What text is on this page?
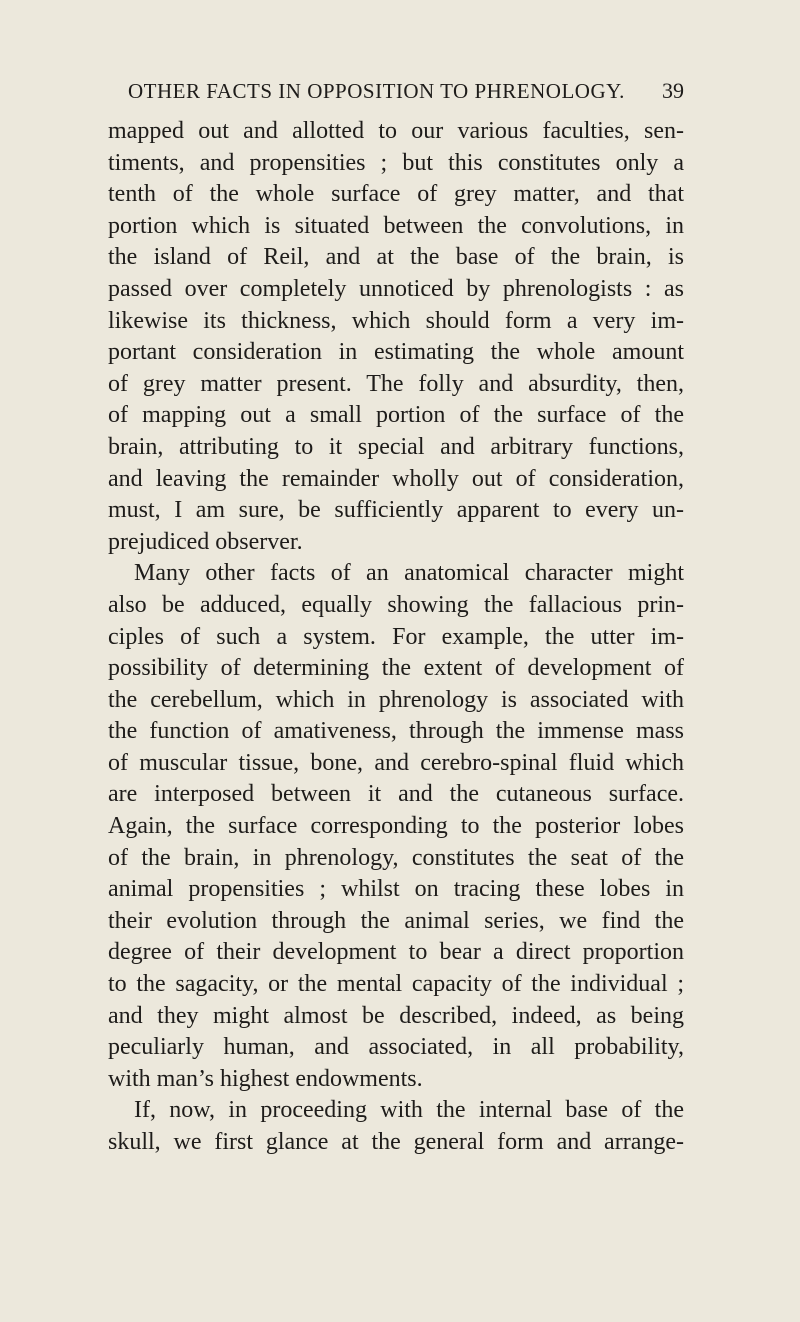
OTHER FACTS IN OPPOSITION TO PHRENOLOGY. 39
mapped out and allotted to our various faculties, sen-
timents, and propensities ; but this constitutes only a
tenth of the whole surface of grey matter, and that
portion which is situated between the convolutions, in
the island of Reil, and at the base of the brain, is
passed over completely unnoticed by phrenologists : as
likewise its thickness, which should form a very im-
portant consideration in estimating the whole amount
of grey matter present. The folly and absurdity, then,
of mapping out a small portion of the surface of the
brain, attributing to it special and arbitrary functions,
and leaving the remainder wholly out of consideration,
must, I am sure, be sufficiently apparent to every un-
prejudiced observer.
Many other facts of an anatomical character might
also be adduced, equally showing the fallacious prin-
ciples of such a system. For example, the utter im-
possibility of determining the extent of development of
the cerebellum, which in phrenology is associated with
the function of amativeness, through the immense mass
of muscular tissue, bone, and cerebro-spinal fluid which
are interposed between it and the cutaneous surface.
Again, the surface corresponding to the posterior lobes
of the brain, in phrenology, constitutes the seat of the
animal propensities ; whilst on tracing these lobes in
their evolution through the animal series, we find the
degree of their development to bear a direct proportion
to the sagacity, or the mental capacity of the individual ;
and they might almost be described, indeed, as being
peculiarly human, and associated, in all probability,
with man’s highest endowments.
If, now, in proceeding with the internal base of the
skull, we first glance at the general form and arrange-
